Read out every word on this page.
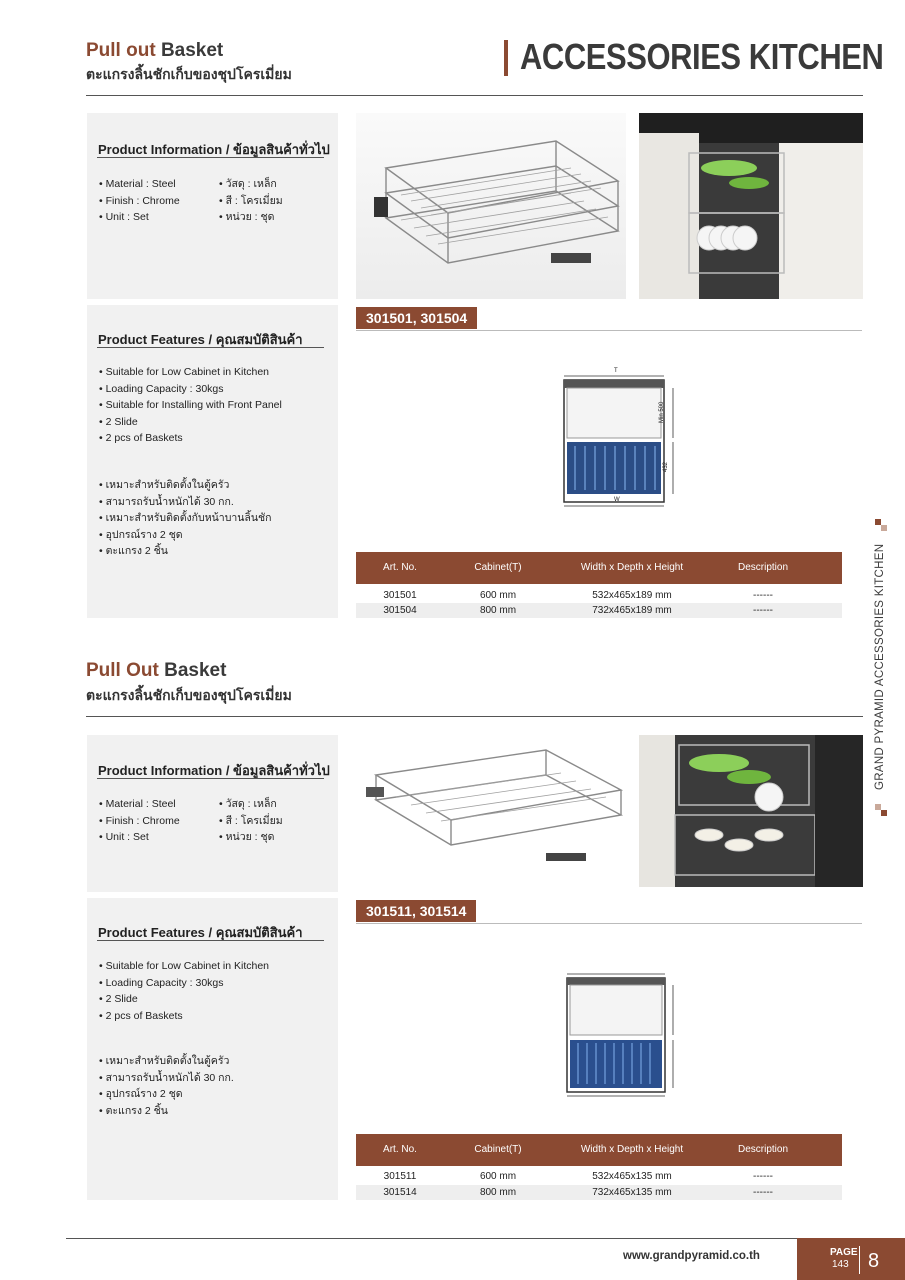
Pull out Basket
ตะแกรงลิ้นชักเก็บของชุปโครเมี่ยม	ACCESSORIES KITCHEN
Product Information / ข้อมูลสินค้าทั่วไป
• Material : Steel
• Finish : Chrome
• Unit : Set
• วัสดุ : เหล็ก
• สี : โครเมี่ยม
• หน่วย : ชุด
Product Features / คุณสมบัติสินค้า
• Suitable for Low Cabinet in Kitchen
• Loading Capacity : 30kgs
• Suitable for Installing with Front Panel
• 2 Slide
• 2 pcs of Baskets
• เหมาะสำหรับติดตั้งในตู้ครัว
• สามารถรับน้ำหนักได้ 30 กก.
• เหมาะสำหรับติดตั้งกับหน้าบานลิ้นชัก
• อุปกรณ์ราง 2 ชุด
• ตะแกรง 2 ชิ้น
301501, 301504
T
Min 500
432
W
Art. No.	Cabinet(T)	Width x Depth x Height	Description
301501	600 mm	532x465x189 mm	------
301504	800 mm	732x465x189 mm	------
Pull Out Basket
ตะแกรงลิ้นชักเก็บของชุปโครเมี่ยม
Product Information / ข้อมูลสินค้าทั่วไป
• Material : Steel
• Finish : Chrome
• Unit : Set
• วัสดุ : เหล็ก
• สี : โครเมี่ยม
• หน่วย : ชุด
Product Features / คุณสมบัติสินค้า
• Suitable for Low Cabinet in Kitchen
• Loading Capacity : 30kgs
• 2 Slide
• 2 pcs of Baskets
• เหมาะสำหรับติดตั้งในตู้ครัว
• สามารถรับน้ำหนักได้ 30 กก.
• อุปกรณ์ราง 2 ชุด
• ตะแกรง 2 ชิ้น
301511, 301514
Art. No.	Cabinet(T)	Width x Depth x Height	Description
301511	600 mm	532x465x135 mm	------
301514	800 mm	732x465x135 mm	------
GRAND PYRAMID ACCESSORIES KITCHEN
www.grandpyramid.co.th	PAGE
143 8
